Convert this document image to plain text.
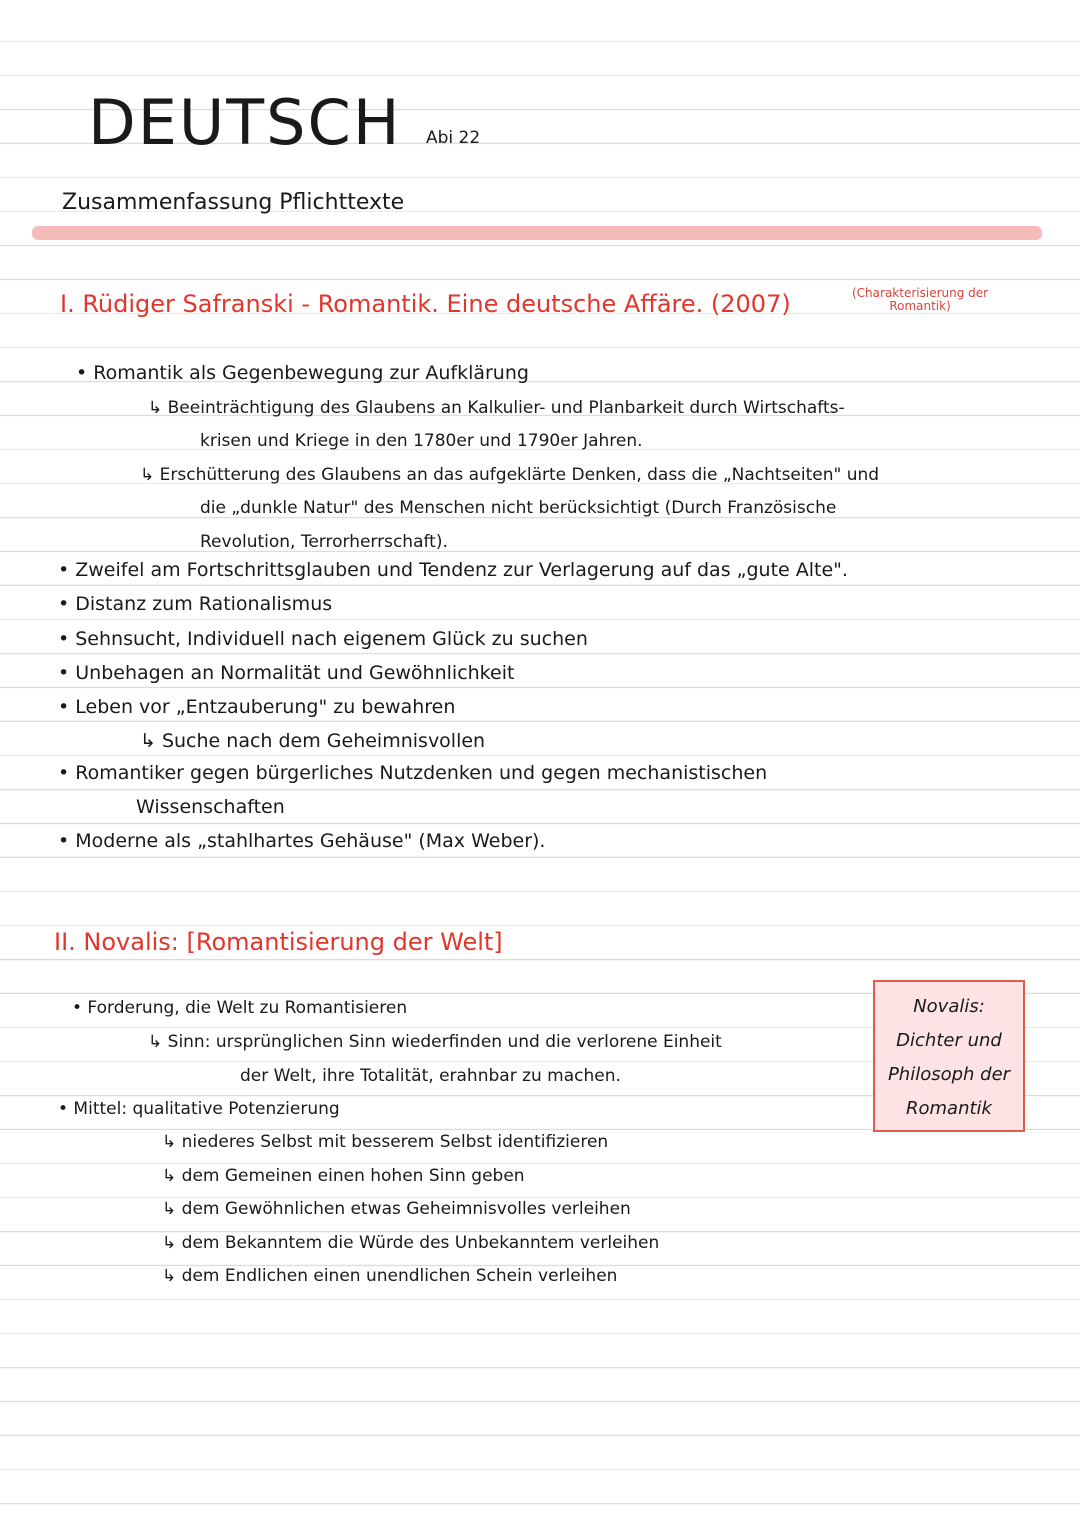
DEUTSCH Abi 22
Zusammenfassung Pflichttexte
I. Rüdiger Safranski - Romantik. Eine deutsche Affäre. (2007)	(Charakterisierung der
Romantik)
• Romantik als Gegenbewegung zur Aufklärung
↳ Beeinträchtigung des Glaubens an Kalkulier- und Planbarkeit durch Wirtschafts-
krisen und Kriege in den 1780er und 1790er Jahren.
↳ Erschütterung des Glaubens an das aufgeklärte Denken, dass die „Nachtseiten" und
die „dunkle Natur" des Menschen nicht berücksichtigt (Durch Französische
Revolution, Terrorherrschaft).
• Zweifel am Fortschrittsglauben und Tendenz zur Verlagerung auf das „gute Alte".
• Distanz zum Rationalismus
• Sehnsucht, Individuell nach eigenem Glück zu suchen
• Unbehagen an Normalität und Gewöhnlichkeit
• Leben vor „Entzauberung" zu bewahren
↳ Suche nach dem Geheimnisvollen
• Romantiker gegen bürgerliches Nutzdenken und gegen mechanistischen
Wissenschaften
• Moderne als „stahlhartes Gehäuse" (Max Weber).
II. Novalis: [Romantisierung der Welt]
• Forderung, die Welt zu Romantisieren
↳ Sinn: ursprünglichen Sinn wiederfinden und die verlorene Einheit
der Welt, ihre Totalität, erahnbar zu machen.
• Mittel: qualitative Potenzierung
↳ niederes Selbst mit besserem Selbst identifizieren
↳ dem Gemeinen einen hohen Sinn geben
↳ dem Gewöhnlichen etwas Geheimnisvolles verleihen
↳ dem Bekanntem die Würde des Unbekanntem verleihen
↳ dem Endlichen einen unendlichen Schein verleihen
Novalis:
Dichter und
Philosoph der
Romantik
